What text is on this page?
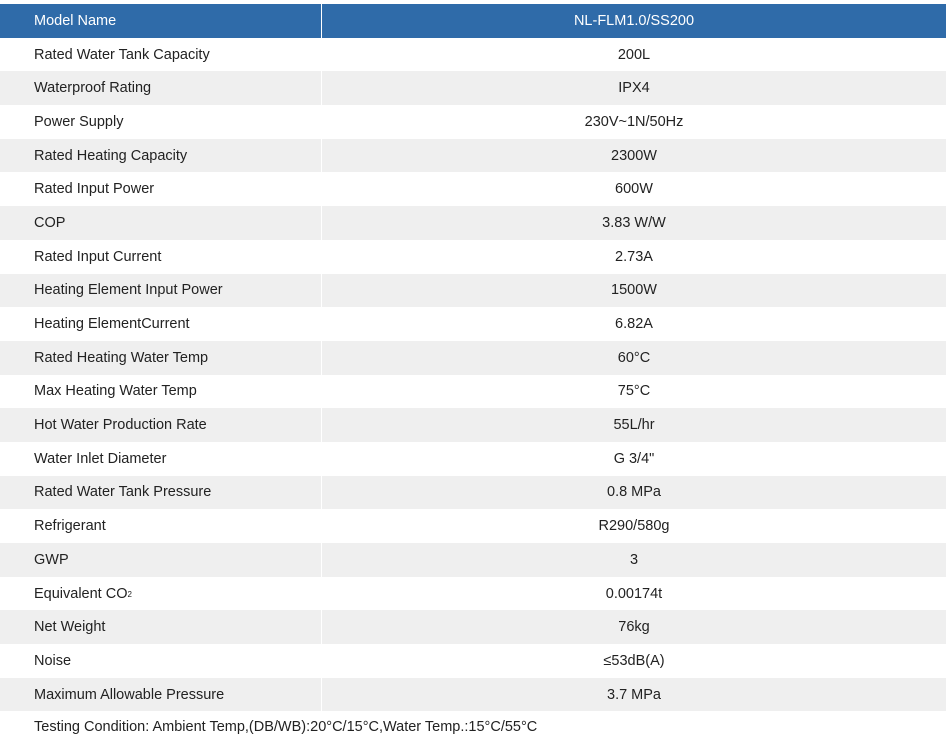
Model Name	NL-FLM1.0/SS200
Rated Water Tank Capacity	200L
Waterproof Rating	IPX4
Power Supply	230V~1N/50Hz
Rated Heating Capacity	2300W
Rated Input Power	600W
COP	3.83 W/W
Rated Input Current	2.73A
Heating Element Input Power	1500W
Heating ElementCurrent	6.82A
Rated Heating Water Temp	60°C
Max Heating Water Temp	75°C
Hot Water Production Rate	55L/hr
Water Inlet Diameter	G 3/4"
Rated Water Tank Pressure	0.8 MPa
Refrigerant	R290/580g
GWP	3
Equivalent CO 2	0.00174t
Net Weight	76kg
Noise	≤53dB(A)
Maximum Allowable Pressure	3.7 MPa
Testing Condition: Ambient Temp,(DB/WB):20°C/15°C,Water Temp.:15°C/55°C
